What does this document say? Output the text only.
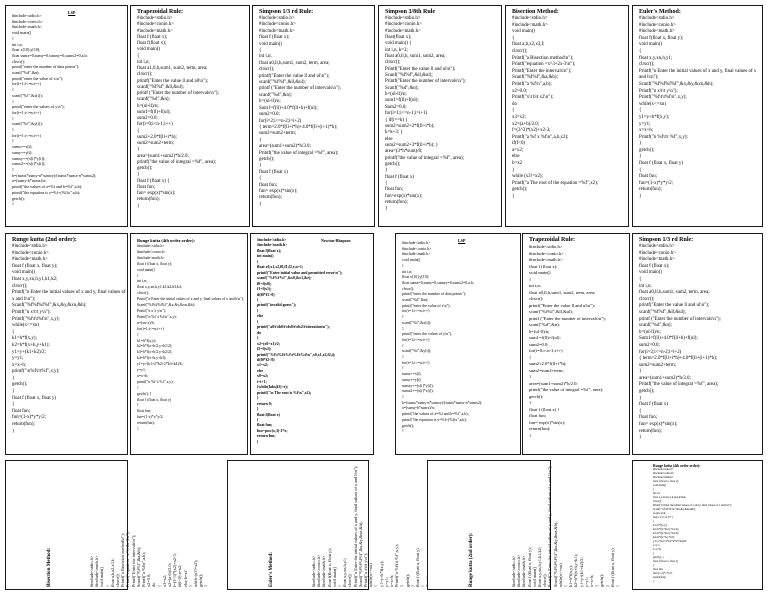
LSP
#include<stdio.h>
#include<conio.h>
#include<math.h>
void main()
{
int i,n;
float x[10],y[10];
float sumx=0,sumy=0,sumxy=0,sumx2=0,a,b;
clrscr();
printf("enter the number of data points");
scanf("%d",&n);
printf("enter the value of x\n");
for(i=1;i<=n;i++)
{
scanf("%f",&x[i]);
}
printf("enter the values of y\n");
for(i=1;i<=n;i++)
{
scanf("%f",&y[i]);
}
for(i=1;i<=n;i++)
{
sumx+=x[i];
sumy+=y[i];
sumxy+=(x[i]*y[i]);
sumx2+=(x[i]*x[i]);
}
b=(sumx*sumy-n*sumxy)/(sumx*sumx-n*sumx2);
a=(sumy-b*sumx)/n;
printf("the values of a=%f and b=%f",a,b);
printf("the equation is y=%f+(%f)x",a,b);
getch();
}
Trapezoidal Rule:
#include<stdio.h>
#include<conio.h>
#include<math.h>
float f (float x);
float f(float x);
void main()
{
int i,n;
float a1,0,h,sum1, sum2, term, area;
clrscr();
printf("Enter the value ll and a0\n");
scanf("%f%f",&ll,&ul);
printf ("Enter the number of intervals\n");
scanf("%d",&n);
h=(ul-ll)/n;
sum1=f(ll)+f(ul);
sum2=0.0;
for(i=0;i<n-1;i++)
{
sum2+2.0*f(ll+i*h);
sum2=sum2+term;
}
area=(sum1+sum2)*h/2.0;
printf("the value of integral =%f", area);
getch();
}
float f (float x) {
float fun;
fun= exp(x)*sin(x);
return(fun);
}
Simpson 1/3 rd Rule:
#include<stdio.h>
#include<conio.h>
#include<math.h>
float f (float x);
void main()
{
int i,n;
float a0,ll,h,sum1, sum2, term, area;
clrscr();
printf("Enter the value ll and ul\n");
scanf("%f%f",&ll,&ul);
printf ("Enter the number of intervals\n");
scanf("%d",&n);
h=(ul-ll)/n;
Sum1=f(ll)+4.0*f(ll+h)+f(ul);
sum2=0.0;
for(i=2;i<=n-2;i=i+2)
{ term=2.0*f(ll+i*h)+4.0*f(ll+(i+1)*h);
sum2=sum2+term;
}
area=(sum1+sum2)*h/3.0;
Printf("the value of integral =%f", area);
getch();
}
float f (float x)
{
float fun;
fun= exp(x)*sin(x);
return(fun);
}
Simpson 3/8th Rule
#include<stdio.h>
#include<conio.h>
#include<math.h>
float(float x);
void main() {
int i,n, k=3;
float a0,ll,h, sum1, sum2, area;
clrscr();
Printf("Enter the value ll and ul\n");
Scanf("%f%f",&ll,&ul);
Printf("Enter the number of intervals\n");
Scanf("%d",&n);
h=(ul-ll)/n;
sum1=f(ll)+f(ul);
Sum2=0.0;
for(i=1;i<=n-1;i=i+1)
{ if(i==k) {
sum2=sum2+2*f(ll+i*h);
k=k+3; }
else
sum2=sum2+3*f(ll+i*h); }
area=(3*h*sum)/8;
printf("the value of integral =%f", area);
getch();
}
float f (float x)
{
float fun;
fun=exp(x)*sin(x);
return(fun);
}
Bisection Method:
#include<stdio.h>
#include<math.h>
void main()
{
float a,b,x2,x3,f;
clrscr();
Printf("a Bisection method\n");
Printf("equation =x^3+2x-3\n");
Printf("Enter the intervals\n");
Scanf("%f%f",&a,&b);
Printf("a %f\n",a,b);
x2=0.0;
Printf("x\t b\t x2\n");
do
{
x3=x2;
x2=(a+b)/2.0;
f=(3^3)*(x2)+x2-3;
Printf("a %f x %f\n",a,b,x2);
if(f<0)
a=x2;
else
b=x2
}
while (x3!=x2);
Printf("a The root of the equation =%f",x2);
getch();
}
Euler's Method:
#include<stdio.h>
#include<conio.h>
#include<math.h>
float f(float x, float y);
void main()
{
float x,y,xn,h,y1;
clrscr();
Printf("n Enter the initial values of x and y, final values of x and h\n");
Scanf("%f%f%f%f",&x,&y,&xn,&h);
Printf("n x\t\t y\n");
Printf("%f\t\t%f\n",x,y);
while(x<=xn)
{
y1=y+h*f(x,y);
y=y1;
x=x+h;
Printf("n %f\t\t %f",x,y);
}
getch();
}
float f (float x, float y)
{
float fun;
fun=(1-x)*y*y/2;
return(fun);
}
Runge kutta (2nd order):
#include<stdio.h>
#include<conio.h>
#include<math.h>
float f (float x, float y);
void main()
float x,y,xn,h,y1,k1,k2;
clrscr();
Printf("n Enter the initial values of x and y, final values of x and h\n");
Scanf("%f%f%f%f",&x,&y,&xn,&h);
Printf("n x\t\t y\n");
Printf("%f\t\t%f\n",x,y);
while(x<=xn)
{
k1=h*f(x,y);
k2=h*f(x+h,y+k1);
y1=y+(k1+k2)/2;
y=y1;
x=x+h;
printf("\n%f\t\t%f",x,y);
}
getch();
}
float f (float x, float y)
{
float fun;
fun=(1-x)*y*y/2;
return(fun);
}
Runge kutta (4th order order):
#include<stdio.h>
#include<conio.h>
#include<math.h>
float f (float x, float y);
void main()
{
int i,n;
float x,y,xn,h,y1,k1,k2,k3,k4;
clrscr();
Printf("n Enter the initial values of x and y, final values of x and h\n");
Scanf("%f%f%f%f",&x,&y,&xn,&h);
Printf("n x \t y\n");
Printf("n %f \t %f\n",x,y);
n=(xn-x)/h;
for(i=1;i<=n;i++)
{
k1=h*f(x,y);
k2=h*f(x+h/2,y+k1/2);
k3=h*f(x+h/2,y+k2/2);
k4=h*f(x+h,y+k3);
y1=y+(k1+2*k2+2*k3+k4)/6;
y=y1;
x=x+h;
printf("n %f \t %f",x,y);
}
getch(); }
float f (float x, float y)
{
float fun;
fun=(1-x)*y*y/2;
return(fun);
}
Newton-Rhapson
#include<stdio.h>
#include<math.h>
float f(float x);
int main()
{
float x0,x1,x2,f0,f1,f2,e,n=1;
printf("Enter initial value and permitted error\n");
scanf("%f%f%f",&x0,&x1,&e);
f0=f(x0);
f1=f(x1);
if(f0*f1>0)
{
printf("invalid guess");
}
else
{
printf("a0\t\tb0\t\tfx0\t\tfx2\t\titeration\n");
do
{
x2=(x0+x1)/2;
f2=f(x2);
printf("%f\t%f\t%f\t%f\t%d\n",x0,x1,x2,f2,i);
if(f0*f2<0)
x1=x2;
else
x0=x2;
i=i+1;
}while(fabs(f2)>e);
printf("\n The root is %f\n",x2);
}
return 0;
}
float f(float x)
{
float fun;
fun=pow(x,3)-2*x;
return fun;
}
LSP
#include<stdio.h>
#include<conio.h>
#include<math.h>
void main()
{
int i,n;
float x[10],y[10];
float sumx=0,sumy=0,sumxy=0,sumx2=0,a,b;
clrscr();
printf("enter the number of data points");
scanf("%d",&n);
printf("enter the value of x\n");
for(i=1;i<=n;i++)
{
scanf("%f",&x[i]);
}
printf("enter the values of y\n");
for(i=1;i<=n;i++)
{
scanf("%f",&y[i]);
}
for(i=1;i<=n;i++)
{
sumx+=x[i];
sumy+=y[i];
sumxy+=(x[i]*y[i]);
sumx2+=(x[i]*x[i]);
}
b=(sumx*sumy-n*sumxy)/(sumx*sumx-n*sumx2);
a=(sumy-b*sumx)/n;
printf("the values of a=%f and b=%f",a,b);
printf("the equation is y=%f+(%f)x",a,b);
getch();
}
Trapezoidal Rule:
#include<stdio.h>
#include<conio.h>
#include<math.h>
float f (float x);
void main()
{
int i,n;
float a0,ll,h,sum1, sum2, term, area;
clrscr();
printf("Enter the value ll and ul\n");
scanf("%f%f",&ll,&ul);
printf ("Enter the number of intervals\n");
scanf("%d",&n);
h=(ul-ll)/n;
sum1=f(ll)+f(ul);
sum2=0.0;
for(i=0;i<n-1;i++)
{
sum2+2.0*f(ll+i*h);
sum2=sum2+term;
}
area=(sum1+sum2)*h/2.0;
printf("the value of integral =%f", area);
getch();
}
float f (float x) {
float fun;
fun= exp(x)*sin(x);
return(fun);
}
Simpson 1/3 rd Rule:
#include<stdio.h>
#include<conio.h>
#include<math.h>
float f (float x);
void main()
{
int i,n;
float a0,ll,h,sum1, sum2, term, area;
clrscr();
printf("Enter the value ll and ul\n");
scanf("%f%f",&ll,&ul);
printf ("Enter the number of intervals\n");
scanf("%d",&n);
h=(ul-ll)/n;
Sum1=f(ll)+4.0*f(ll+h)+f(ul);
sum2=0.0;
for(i=2;i<=n-2;i=i+2)
{ term=2.0*f(ll+i*h)+4.0*f(ll+(i+1)*h);
sum2=sum2+term;
}
area=(sum1+sum2)*h/3.0;
Printf("the value of integral =%f", area);
getch();
}
float f (float x)
{
float fun;
fun= exp(x)*sin(x);
return(fun);
}

Bisection Method:

	#include<stdio.h> #include<math.h> void main() { float a,b,x2,x3,f; clrscr(); Printf("a Bisection method\n"); Printf("equation =x^3+2x-3\n"); Printf("Enter the intervals\n"); Scanf("%f%f",&a,&b); Printf("a %f\n",a,b); x2=0.0; do { x3=x2; x2=(a+b)/2.0; f=(3^3)*(x2)+x2-3; if(f<0) a=x2; else b=x2 } while (x3!=x2); getch(); }

	Euler's Method:

	#include<stdio.h> #include<conio.h> #include<math.h> float f(float x, float y); void main() { float x,y,xn,h,y1; clrscr(); Printf("n Enter the initial values of x and y, final values of x and h\n"); Scanf("%f%f%f%f",&x,&y,&xn,&h); Printf("n x\t\t y\n"); while(x<=xn) { y1=y+h*f(x,y); y=y1; x=x+h; Printf("n %f\t\t %f",x,y); } getch(); } float f (float x, float y) {

	Runge kutta (2nd order):

	#include<stdio.h> #include<conio.h> #include<math.h> float f (float x, float y); void main() float x,y,xn,h,y1,k1,k2; clrscr(); Printf("n Enter the initial values of x and y, final values of x and h\n"); Scanf("%f%f%f%f",&x,&y,&xn,&h); while(x<=xn) { k1=h*f(x,y); k2=h*f(x+h,y+k1); y1=y+(k1+k2)/2; y=y1; x=x+h; } getch(); } float f (float x, float y) {

Runge kutta (4th order order):
#include<stdio.h>
#include<conio.h>
#include<math.h>
float f (float x, float y);
void main()
{
int i,n;
float x,y,xn,h,y1,k1,k2,k3,k4;
clrscr();
Printf("n Enter the initial values of x and y, final values of x and h\n");
Scanf("%f%f%f%f",&x,&y,&xn,&h);
n=(xn-x)/h;
for(i=1;i<=n;i++)
{
k1=h*f(x,y);
k2=h*f(x+h/2,y+k1/2);
k3=h*f(x+h/2,y+k2/2);
k4=h*f(x+h,y+k3);
y1=y+(k1+2*k2+2*k3+k4)/6;
y=y1;
x=x+h;
}
getch(); }
float f (float x, float y)
{
float fun;
fun=(1-x)*y*y/2;
return(fun);
}
